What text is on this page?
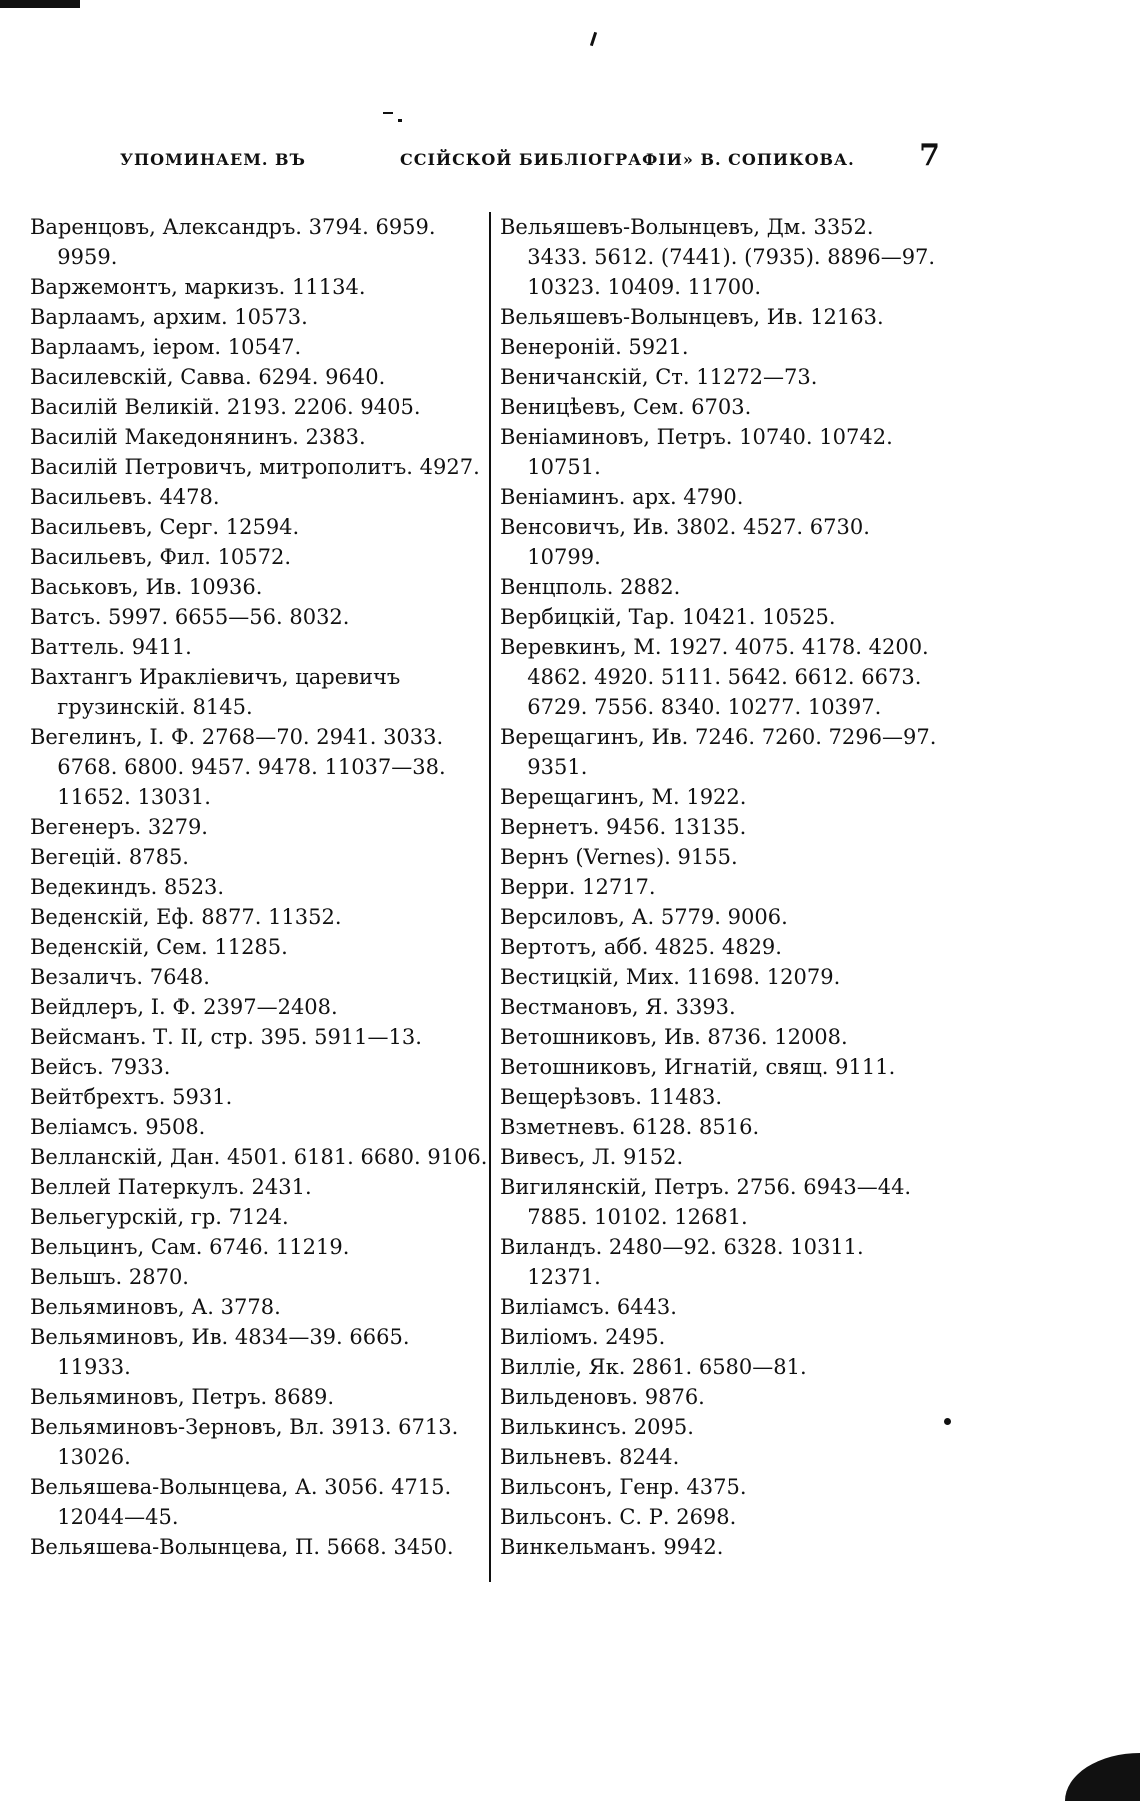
УПОМИНАЕМ. ВЪ	ССІЙСКОЙ БИБЛІОГРАФІИ» В. СОПИКОВА. 7
Варенцовъ, Александръ. 3794. 6959. 9959.
Варжемонтъ, маркизъ. 11134.
Варлаамъ, архим. 10573.
Варлаамъ, іером. 10547.
Василевскій, Савва. 6294. 9640.
Василій Великій. 2193. 2206. 9405.
Василій Македонянинъ. 2383.
Василій Петровичъ, митрополитъ. 4927.
Васильевъ. 4478.
Васильевъ, Серг. 12594.
Васильевъ, Фил. 10572.
Васьковъ, Ив. 10936.
Ватсъ. 5997. 6655—56. 8032.
Ваттель. 9411.
Вахтангъ Иракліевичъ, царевичъ грузинскій. 8145.
Вегелинъ, І. Ф. 2768—70. 2941. 3033. 6768. 6800. 9457. 9478. 11037—38. 11652. 13031.
Вегенеръ. 3279.
Вегецій. 8785.
Ведекиндъ. 8523.
Веденскій, Еф. 8877. 11352.
Веденскій, Сем. 11285.
Везаличъ. 7648.
Вейдлеръ, І. Ф. 2397—2408.
Вейсманъ. Т. II, стр. 395. 5911—13.
Вейсъ. 7933.
Вейтбрехтъ. 5931.
Веліамсъ. 9508.
Велланскій, Дан. 4501. 6181. 6680. 9106.
Веллей Патеркулъ. 2431.
Вельегурскій, гр. 7124.
Вельцинъ, Сам. 6746. 11219.
Вельшъ. 2870.
Вельяминовъ, А. 3778.
Вельяминовъ, Ив. 4834—39. 6665. 11933.
Вельяминовъ, Петръ. 8689.
Вельяминовъ-Зерновъ, Вл. 3913. 6713. 13026.
Вельяшева-Волынцева, А. 3056. 4715. 12044—45.
Вельяшева-Волынцева, П. 5668. 3450.
Вельяшевъ-Волынцевъ, Дм. 3352. 3433. 5612. (7441). (7935). 8896—97. 10323. 10409. 11700.
Вельяшевъ-Волынцевъ, Ив. 12163.
Венероній. 5921.
Веничанскій, Ст. 11272—73.
Веницѣевъ, Сем. 6703.
Веніаминовъ, Петръ. 10740. 10742. 10751.
Веніаминъ. арх. 4790.
Венсовичъ, Ив. 3802. 4527. 6730. 10799.
Венцполь. 2882.
Вербицкій, Тар. 10421. 10525.
Веревкинъ, М. 1927. 4075. 4178. 4200. 4862. 4920. 5111. 5642. 6612. 6673. 6729. 7556. 8340. 10277. 10397.
Верещагинъ, Ив. 7246. 7260. 7296—97. 9351.
Верещагинъ, М. 1922.
Вернетъ. 9456. 13135.
Вернъ (Vernes). 9155.
Верри. 12717.
Версиловъ, А. 5779. 9006.
Вертотъ, абб. 4825. 4829.
Вестицкій, Мих. 11698. 12079.
Вестмановъ, Я. 3393.
Ветошниковъ, Ив. 8736. 12008.
Ветошниковъ, Игнатій, свящ. 9111.
Вещерѣзовъ. 11483.
Взметневъ. 6128. 8516.
Вивесъ, Л. 9152.
Вигилянскій, Петръ. 2756. 6943—44. 7885. 10102. 12681.
Виландъ. 2480—92. 6328. 10311. 12371.
Виліамсъ. 6443.
Виліомъ. 2495.
Виллie, Як. 2861. 6580—81.
Вильденовъ. 9876.
Вилькинсъ. 2095.
Вильневъ. 8244.
Вильсонъ, Генр. 4375.
Вильсонъ. С. Р. 2698.
Винкельманъ. 9942.
